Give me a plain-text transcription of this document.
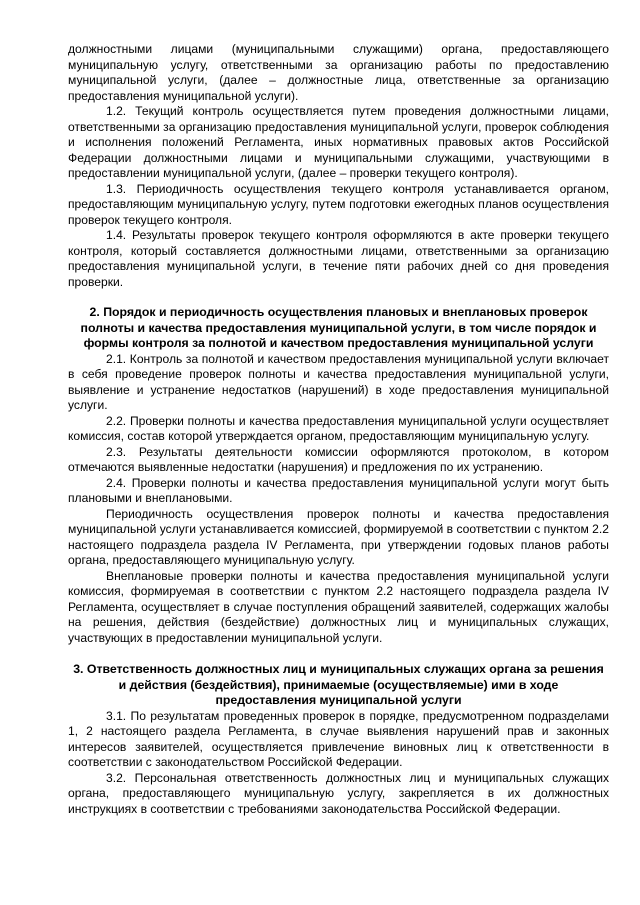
должностными лицами (муниципальными служащими) органа, предоставляющего муниципальную услугу, ответственными за организацию работы по предоставлению муниципальной услуги, (далее – должностные лица, ответственные за организацию предоставления муниципальной услуги).

1.2. Текущий контроль осуществляется путем проведения должностными лицами, ответственными за организацию предоставления муниципальной услуги, проверок соблюдения и исполнения положений Регламента, иных нормативных правовых актов Российской Федерации должностными лицами и муниципальными служащими, участвующими в предоставлении муниципальной услуги, (далее – проверки текущего контроля).

1.3. Периодичность осуществления текущего контроля устанавливается органом, предоставляющим муниципальную услугу, путем подготовки ежегодных планов осуществления проверок текущего контроля.

1.4. Результаты проверок текущего контроля оформляются в акте проверки текущего контроля, который составляется должностными лицами, ответственными за организацию предоставления муниципальной услуги, в течение пяти рабочих дней со дня проведения проверки.

2. Порядок и периодичность осуществления плановых и внеплановых проверок полноты и качества предоставления муниципальной услуги, в том числе порядок и формы контроля за полнотой и качеством предоставления муниципальной услуги

2.1. Контроль за полнотой и качеством предоставления муниципальной услуги включает в себя проведение проверок полноты и качества предоставления муниципальной услуги, выявление и устранение недостатков (нарушений) в ходе предоставления муниципальной услуги.

2.2. Проверки полноты и качества предоставления муниципальной услуги осуществляет комиссия, состав которой утверждается органом, предоставляющим муниципальную услугу.

2.3. Результаты деятельности комиссии оформляются протоколом, в котором отмечаются выявленные недостатки (нарушения) и предложения по их устранению.

2.4. Проверки полноты и качества предоставления муниципальной услуги могут быть плановыми и внеплановыми.

Периодичность осуществления проверок полноты и качества предоставления муниципальной услуги устанавливается комиссией, формируемой в соответствии с пунктом 2.2 настоящего подраздела раздела IV Регламента, при утверждении годовых планов работы органа, предоставляющего муниципальную услугу.

Внеплановые проверки полноты и качества предоставления муниципальной услуги комиссия, формируемая в соответствии с пунктом 2.2 настоящего подраздела раздела IV Регламента, осуществляет в случае поступления обращений заявителей, содержащих жалобы на решения, действия (бездействие) должностных лиц и муниципальных служащих, участвующих в предоставлении муниципальной услуги.

3. Ответственность должностных лиц и муниципальных служащих органа за решения и действия (бездействия), принимаемые (осуществляемые) ими в ходе предоставления муниципальной услуги

3.1. По результатам проведенных проверок в порядке, предусмотренном подразделами 1, 2 настоящего раздела Регламента, в случае выявления нарушений прав и законных интересов заявителей, осуществляется привлечение виновных лиц к ответственности в соответствии с законодательством Российской Федерации.

3.2. Персональная ответственность должностных лиц и муниципальных служащих органа, предоставляющего муниципальную услугу, закрепляется в их должностных инструкциях в соответствии с требованиями законодательства Российской Федерации.
